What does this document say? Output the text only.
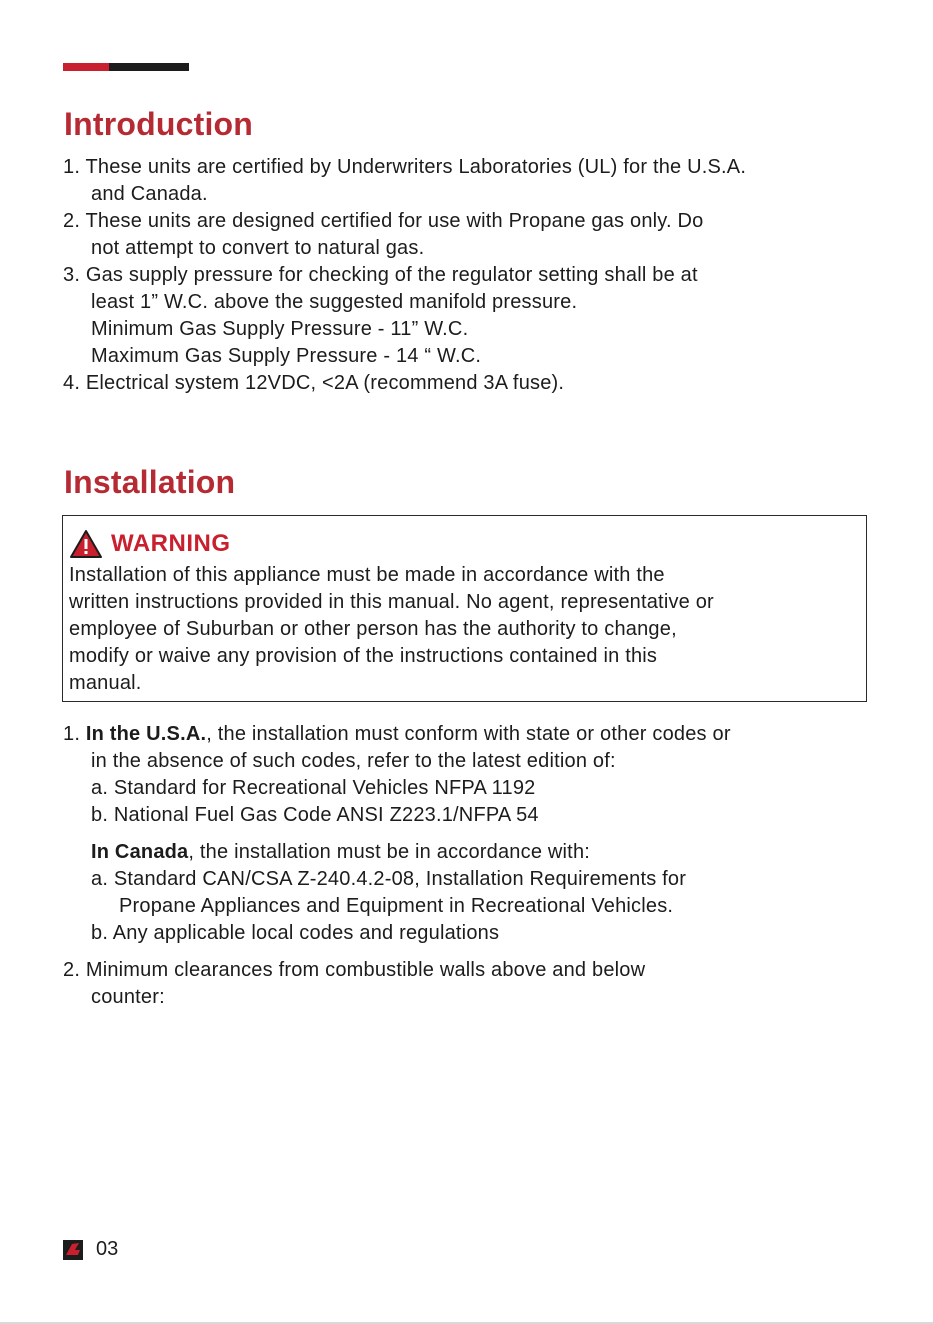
Introduction
1. These units are certified by Underwriters Laboratories (UL) for the U.S.A.
and Canada.
2. These units are designed certified for use with Propane gas only. Do
not attempt to convert to natural gas.
3. Gas supply pressure for checking of the regulator setting shall be at
least 1” W.C. above the suggested manifold pressure.
Minimum Gas Supply Pressure - 11” W.C.
Maximum Gas Supply Pressure - 14 “ W.C.
4. Electrical system 12VDC, <2A (recommend 3A fuse).
Installation
WARNING
Installation of this appliance must be made in accordance with the
written instructions provided in this manual. No agent, representative or
employee of Suburban or other person has the authority to change,
modify or waive any provision of the instructions contained in this
manual.
1. In the U.S.A., the installation must conform with state or other codes or
in the absence of such codes, refer to the latest edition of:
a. Standard for Recreational Vehicles NFPA 1192
b. National Fuel Gas Code ANSI Z223.1/NFPA 54
In Canada, the installation must be in accordance with:
a. Standard CAN/CSA Z-240.4.2-08, Installation Requirements for
Propane Appliances and Equipment in Recreational Vehicles.
b. Any applicable local codes and regulations
2. Minimum clearances from combustible walls above and below
counter:
03
